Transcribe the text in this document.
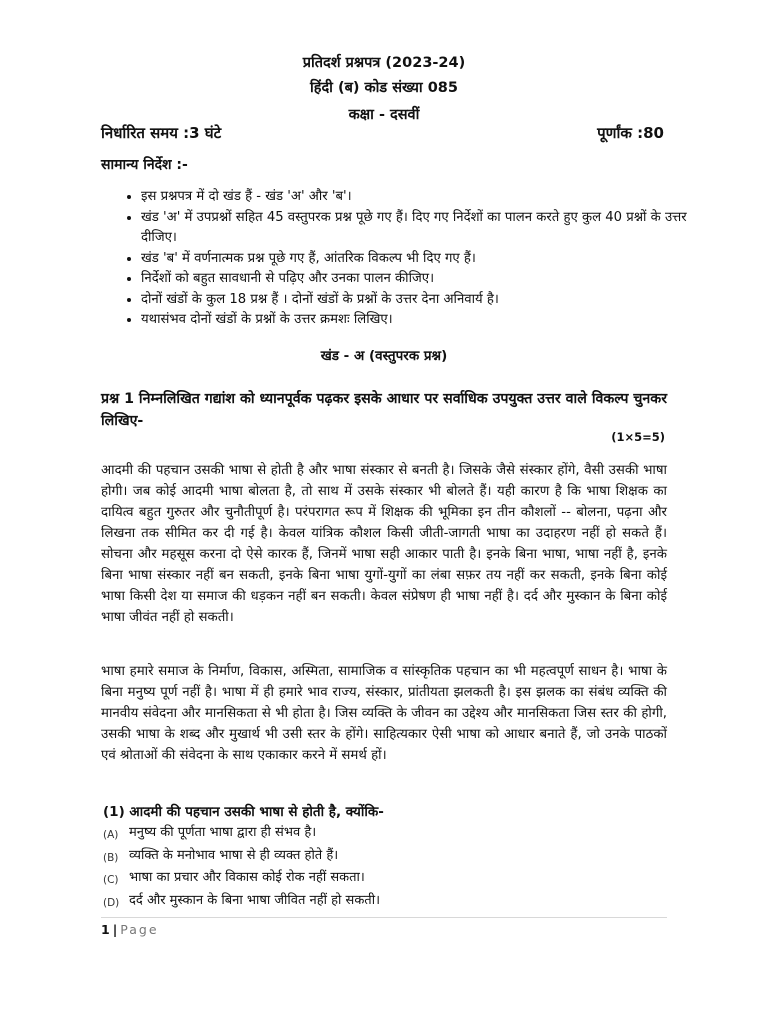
प्रतिदर्श प्रश्नपत्र (2023-24)
हिंदी (ब) कोड संख्या 085
कक्षा - दसवीं
निर्धारित समय :3 घंटे	पूर्णांक :80
सामान्य निर्देश :-
• इस प्रश्नपत्र में दो खंड हैं - खंड 'अ' और 'ब'।
• खंड 'अ' में उपप्रश्नों सहित 45 वस्तुपरक प्रश्न पूछे गए हैं। दिए गए निर्देशों का पालन करते हुए कुल 40 प्रश्नों के उत्तर दीजिए।
• खंड 'ब' में वर्णनात्मक प्रश्न पूछे गए हैं, आंतरिक विकल्प भी दिए गए हैं।
• निर्देशों को बहुत सावधानी से पढ़िए और उनका पालन कीजिए।
• दोनों खंडों के कुल 18 प्रश्न हैं । दोनों खंडों के प्रश्नों के उत्तर देना अनिवार्य है।
• यथासंभव दोनों खंडों के प्रश्नों के उत्तर क्रमशः लिखिए।
खंड - अ (वस्तुपरक प्रश्न)
प्रश्न 1 निम्नलिखित गद्यांश को ध्यानपूर्वक पढ़कर इसके आधार पर सर्वाधिक उपयुक्त उत्तर वाले विकल्प चुनकर लिखिए-
(1×5=5)

आदमी की पहचान उसकी भाषा से होती है और भाषा संस्कार से बनती है। जिसके जैसे संस्कार होंगे, वैसी उसकी भाषा होगी। जब कोई आदमी भाषा बोलता है, तो साथ में उसके संस्कार भी बोलते हैं। यही कारण है कि भाषा शिक्षक का दायित्व बहुत गुरुतर और चुनौतीपूर्ण है। परंपरागत रूप में शिक्षक की भूमिका इन तीन कौशलों -- बोलना, पढ़ना और लिखना तक सीमित कर दी गई है। केवल यांत्रिक कौशल किसी जीती-जागती भाषा का उदाहरण नहीं हो सकते हैं। सोचना और महसूस करना दो ऐसे कारक हैं, जिनमें भाषा सही आकार पाती है। इनके बिना भाषा, भाषा नहीं है, इनके बिना भाषा संस्कार नहीं बन सकती, इनके बिना भाषा युगों-युगों का लंबा सफ़र तय नहीं कर सकती, इनके बिना कोई भाषा किसी देश या समाज की धड़कन नहीं बन सकती। केवल संप्रेषण ही भाषा नहीं है। दर्द और मुस्कान के बिना कोई भाषा जीवंत नहीं हो सकती।

भाषा हमारे समाज के निर्माण, विकास, अस्मिता, सामाजिक व सांस्कृतिक पहचान का भी महत्वपूर्ण साधन है। भाषा के बिना मनुष्य पूर्ण नहीं है। भाषा में ही हमारे भाव राज्य, संस्कार, प्रांतीयता झलकती है। इस झलक का संबंध व्यक्ति की मानवीय संवेदना और मानसिकता से भी होता है। जिस व्यक्ति के जीवन का उद्देश्य और मानसिकता जिस स्तर की होगी, उसकी भाषा के शब्द और मुखार्थ भी उसी स्तर के होंगे। साहित्यकार ऐसी भाषा को आधार बनाते हैं, जो उनके पाठकों एवं श्रोताओं की संवेदना के साथ एकाकार करने में समर्थ हों।

(1) आदमी की पहचान उसकी भाषा से होती है, क्योंकि-
(A) मनुष्य की पूर्णता भाषा द्वारा ही संभव है।
(B) व्यक्ति के मनोभाव भाषा से ही व्यक्त होते हैं।
(C) भाषा का प्रचार और विकास कोई रोक नहीं सकता।
(D) दर्द और मुस्कान के बिना भाषा जीवित नहीं हो सकती।
1 | Page
